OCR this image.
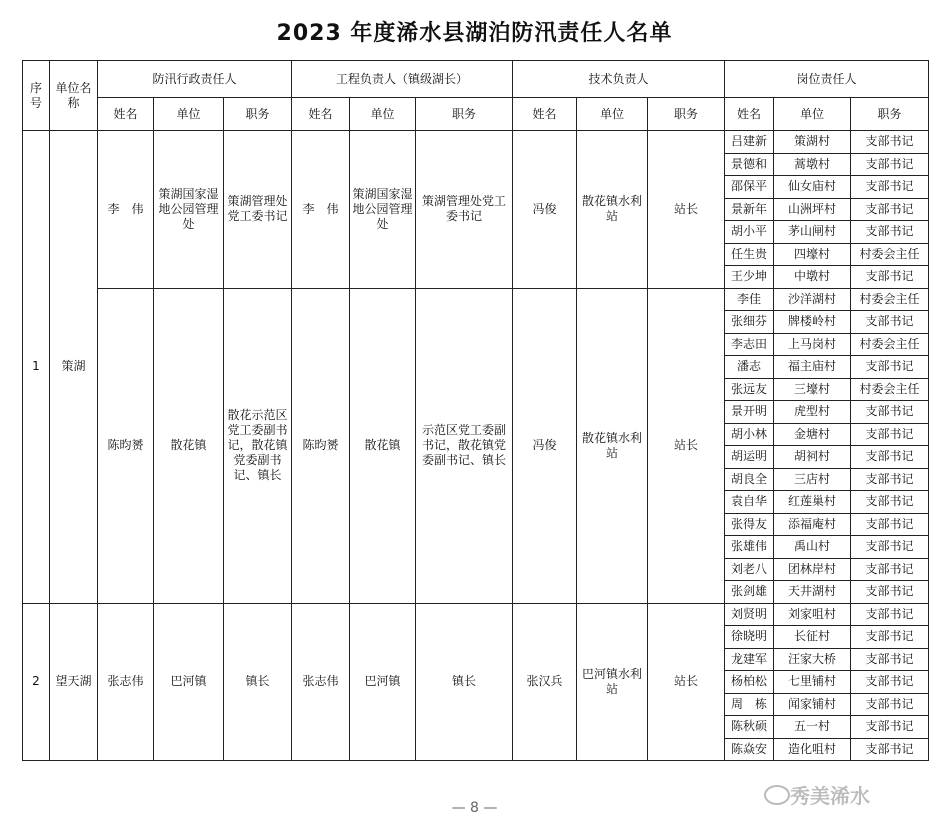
2023 年度浠水县湖泊防汛责任人名单
序号	单位名称	防汛行政责任人			工程负责人（镇级湖长）			技术负责人			岗位责任人		
		姓名	单位	职务	姓名	单位	职务	姓名	单位	职务	姓名	单位	职务
1	策湖	李　伟	策湖国家湿地公园管理处	策湖管理处党工委书记	李　伟	策湖国家湿地公园管理处	策湖管理处党工委书记	冯俊	散花镇水利站	站长	吕建新	策湖村	支部书记
											景德和	蒿墩村	支部书记
											邵保平	仙女庙村	支部书记
											景新年	山洲坪村	支部书记
											胡小平	茅山闸村	支部书记
											任生贵	四壕村	村委会主任
											王少坤	中墩村	支部书记
		陈昀赟	散花镇	散花示范区党工委副书记，散花镇党委副书记、镇长	陈昀赟	散花镇	示范区党工委副书记，散花镇党委副书记、镇长	冯俊	散花镇水利站	站长	李佳	沙洋湖村	村委会主任
											张细芬	牌楼岭村	支部书记
											李志田	上马岗村	村委会主任
											潘志	福主庙村	支部书记
											张远友	三壕村	村委会主任
											景开明	虎型村	支部书记
											胡小林	金塘村	支部书记
											胡运明	胡祠村	支部书记
											胡良全	三店村	支部书记
											袁自华	红莲巢村	支部书记
											张得友	添福庵村	支部书记
											张雄伟	禹山村	支部书记
											刘老八	团林岸村	支部书记
											张剑雄	天井湖村	支部书记
2	望天湖	张志伟	巴河镇	镇长	张志伟	巴河镇	镇长	张汉兵	巴河镇水利站	站长	刘贤明	刘家咀村	支部书记
											徐晓明	长征村	支部书记
											龙建军	汪家大桥	支部书记
											杨柏松	七里铺村	支部书记
											周　栋	闻家铺村	支部书记
											陈秋硕	五一村	支部书记
											陈焱安	造化咀村	支部书记
秀美浠水
— 8 —
